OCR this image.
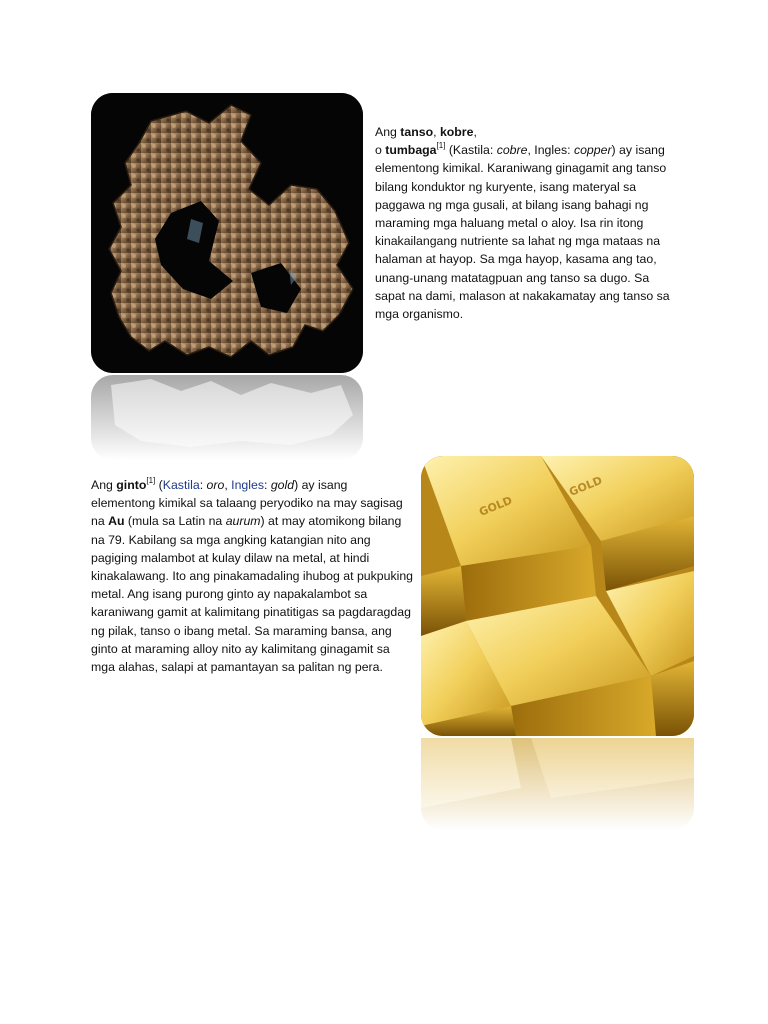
Ang tanso, kobre,
o tumbaga[1] (Kastila: cobre, Ingles: copper) ay isang elementong kimikal. Karaniwang ginagamit ang tanso bilang konduktor ng kuryente, isang materyal sa paggawa ng mga gusali, at bilang isang bahagi ng maraming mga haluang metal o aloy. Isa rin itong kinakailangang nutriente sa lahat ng mga mataas na halaman at hayop. Sa mga hayop, kasama ang tao, unang-unang matatagpuan ang tanso sa dugo. Sa sapat na dami, malason at nakakamatay ang tanso sa mga organismo.

Ang ginto[1] (Kastila: oro, Ingles: gold) ay isang elementong kimikal sa talaang peryodiko na may sagisag na Au (mula sa Latin na aurum) at may atomikong bilang na 79. Kabilang sa mga angking katangian nito ang pagiging malambot at kulay dilaw na metal, at hindi kinakalawang. Ito ang pinakamadaling ihubog at pukpuking metal. Ang isang purong ginto ay napakalambot sa karaniwang gamit at kalimitang pinatitigas sa pagdaragdag ng pilak, tanso o ibang metal. Sa maraming bansa, ang ginto at maraming alloy nito ay kalimitang ginagamit sa mga alahas, salapi at pamantayan sa palitan ng pera.

GOLD
GOLD
